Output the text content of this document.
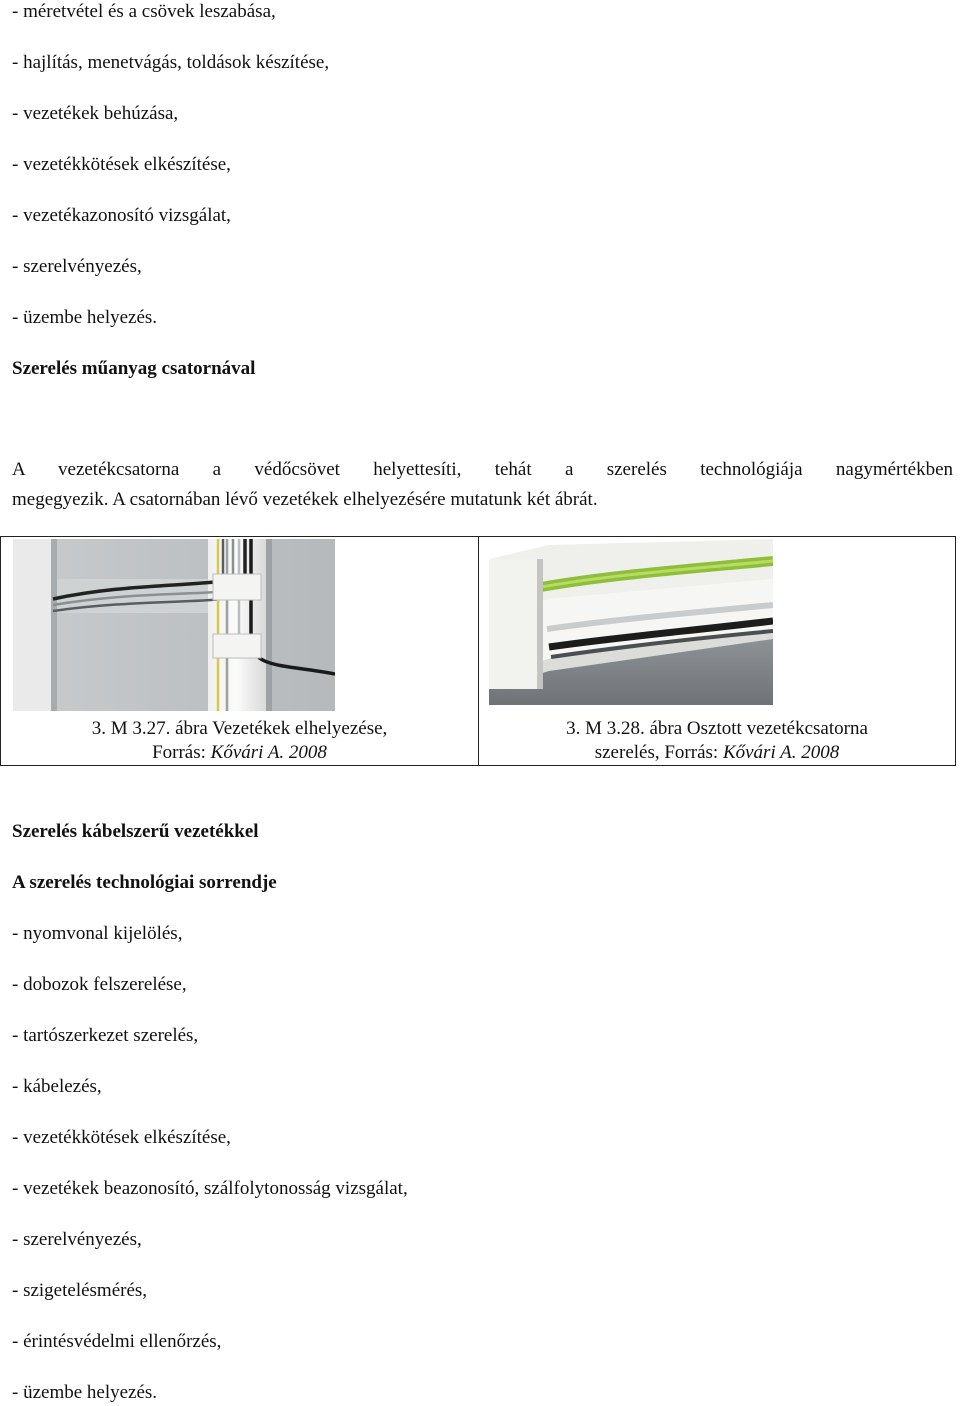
- méretvétel és a csövek leszabása,
- hajlítás, menetvágás, toldások készítése,
- vezetékek behúzása,
- vezetékkötések elkészítése,
- vezetékazonosító vizsgálat,
- szerelvényezés,
- üzembe helyezés.
Szerelés műanyag csatornával
A vezetékcsatorna a védőcsövet helyettesíti, tehát a szerelés technológiája nagymértékben
megegyezik. A csatornában lévő vezetékek elhelyezésére mutatunk két ábrát.
3. M 3.27. ábra Vezetékek elhelyezése,
Forrás: Kővári A. 2008
3. M 3.28. ábra Osztott vezetékcsatorna
szerelés, Forrás: Kővári A. 2008
Szerelés kábelszerű vezetékkel
A szerelés technológiai sorrendje
- nyomvonal kijelölés,
- dobozok felszerelése,
- tartószerkezet szerelés,
- kábelezés,
- vezetékkötések elkészítése,
- vezetékek beazonosító, szálfolytonosság vizsgálat,
- szerelvényezés,
- szigetelésmérés,
- érintésvédelmi ellenőrzés,
- üzembe helyezés.
